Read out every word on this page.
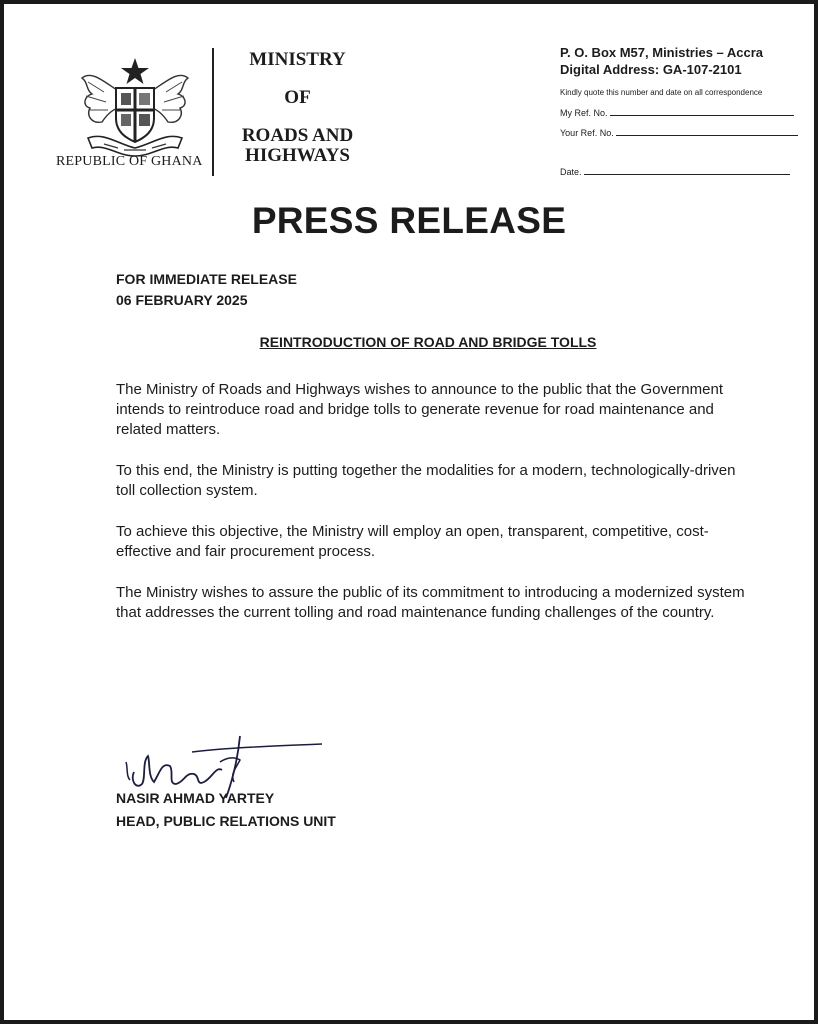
REPUBLIC OF GHANA
MINISTRY
OF
ROADS AND
HIGHWAYS
P. O. Box M57, Ministries – Accra
Digital Address: GA-107-2101
Kindly quote this number and date on all correspondence
My Ref. No.
Your Ref. No.
Date.
PRESS RELEASE
FOR IMMEDIATE RELEASE
06 FEBRUARY 2025
REINTRODUCTION OF ROAD AND BRIDGE TOLLS

The Ministry of Roads and Highways wishes to announce to the public that the Government intends to reintroduce road and bridge tolls to generate revenue for road maintenance and related matters.

To this end, the Ministry is putting together the modalities for a modern, technologically-driven toll collection system.

To achieve this objective, the Ministry will employ an open, transparent, competitive, cost-effective and fair procurement process.

The Ministry wishes to assure the public of its commitment to introducing a modernized system that addresses the current tolling and road maintenance funding challenges of the country.

NASIR AHMAD YARTEY
HEAD, PUBLIC RELATIONS UNIT
